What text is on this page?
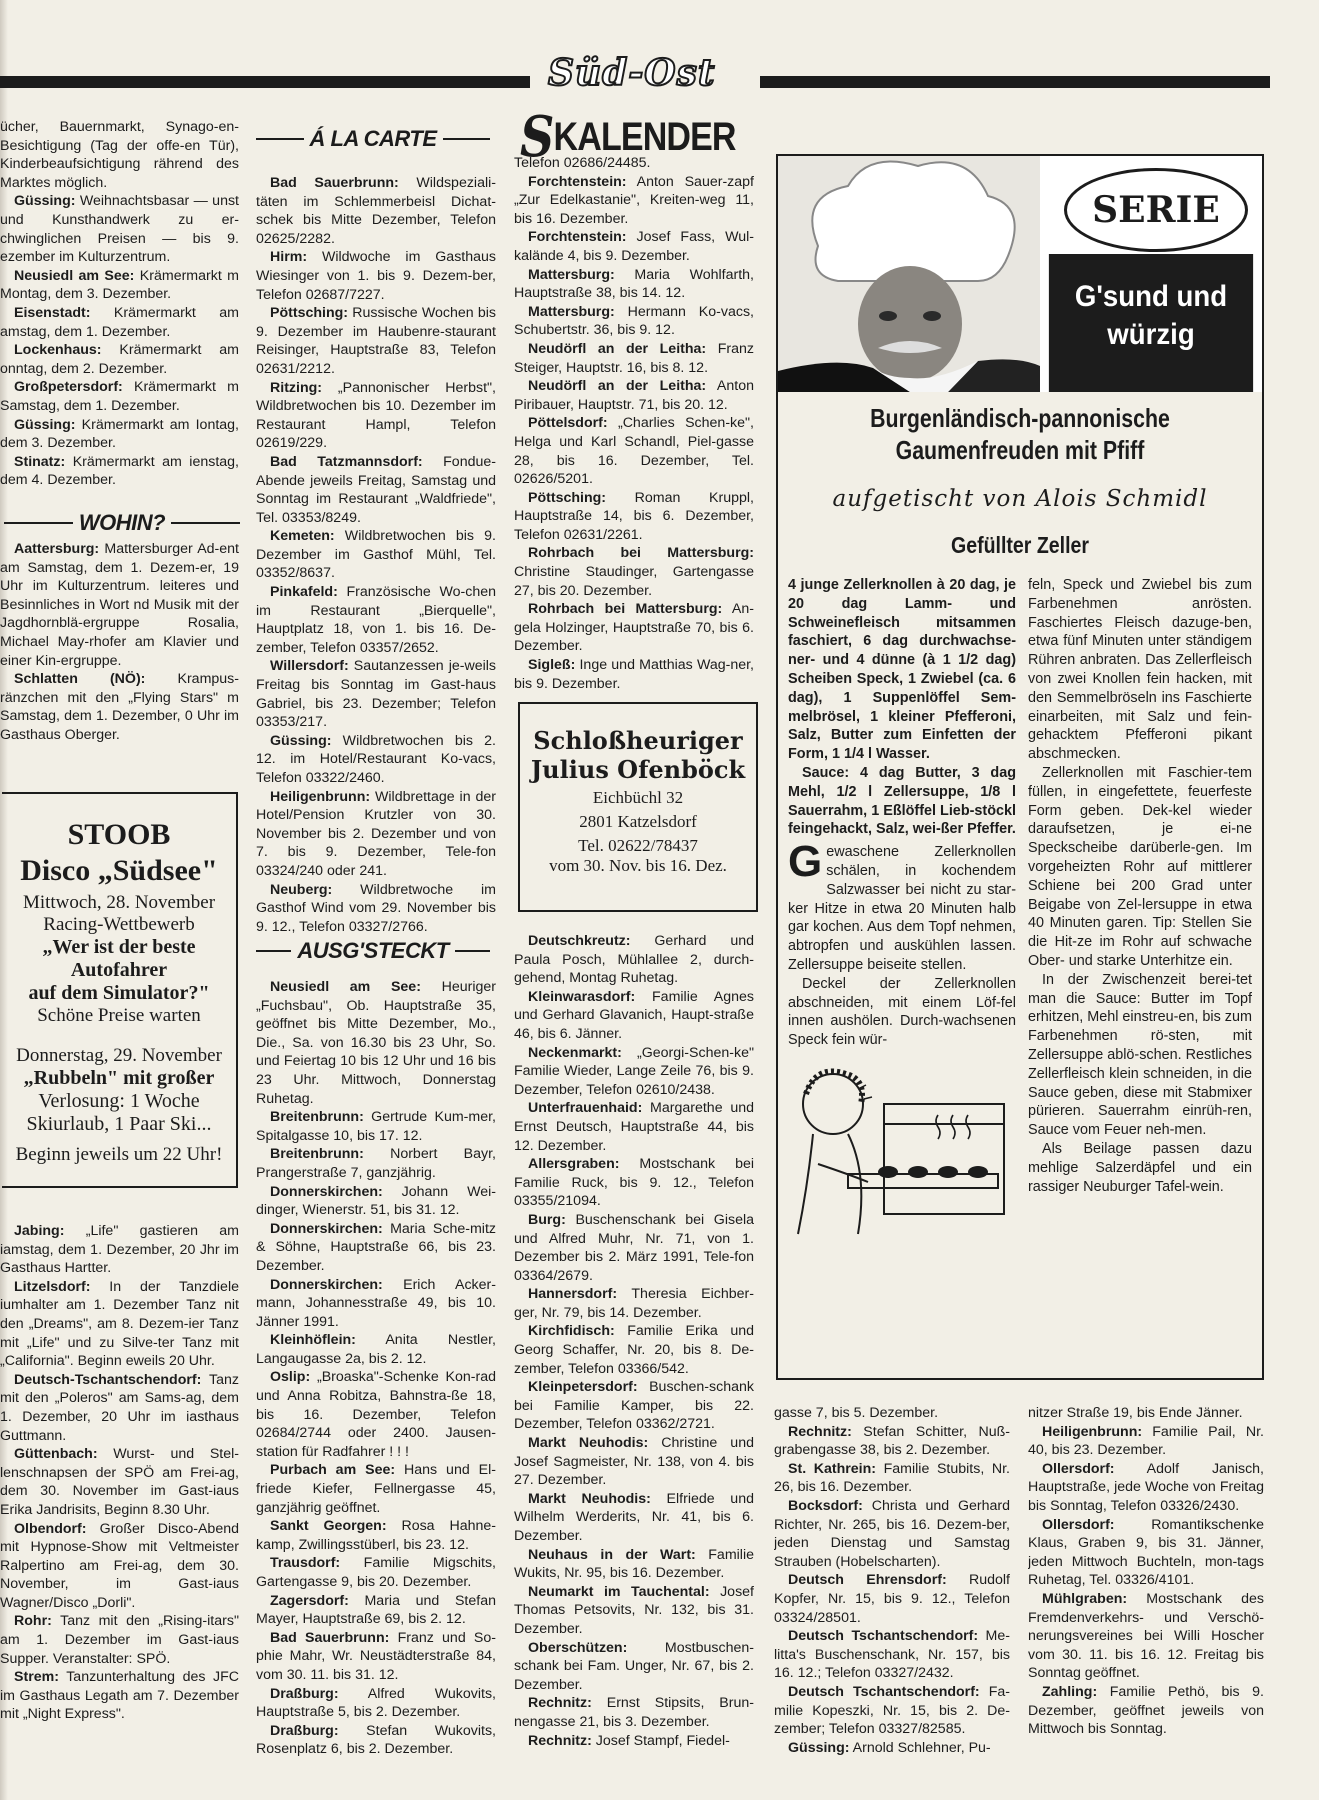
Süd-Ost
SKALENDER

ücher, Bauernmarkt, Synago-en-Besichtigung (Tag der offe-en Tür), Kinderbeaufsichtigung rährend des Marktes möglich.

Güssing: Weihnachtsbasar — unst und Kunsthandwerk zu er-chwinglichen Preisen — bis 9. ezember im Kulturzentrum.

Neusiedl am See: Krämermarkt m Montag, dem 3. Dezember.

Eisenstadt: Krämermarkt am amstag, dem 1. Dezember.

Lockenhaus: Krämermarkt am onntag, dem 2. Dezember.

Großpetersdorf: Krämermarkt m Samstag, dem 1. Dezember.

Güssing: Krämermarkt am Iontag, dem 3. Dezember.

Stinatz: Krämermarkt am ienstag, dem 4. Dezember.

WOHIN?

Aattersburg: Mattersburger Ad-ent am Samstag, dem 1. Dezem-er, 19 Uhr im Kulturzentrum. leiteres und Besinnliches in Wort nd Musik mit der Jagdhornblä-ergruppe Rosalia, Michael May-rhofer am Klavier und einer Kin-ergruppe.

Schlatten (NÖ): Krampus-ränzchen mit den „Flying Stars" m Samstag, dem 1. Dezember, 0 Uhr im Gasthaus Oberger.

STOOB
Disco „Südsee"
Mittwoch, 28. November
Racing-Wettbewerb
„Wer ist der beste
Autofahrer
auf dem Simulator?"
Schöne Preise warten
Donnerstag, 29. November
„Rubbeln" mit großer
Verlosung: 1 Woche
Skiurlaub, 1 Paar Ski...
Beginn jeweils um 22 Uhr!

Jabing: „Life" gastieren am iamstag, dem 1. Dezember, 20 Jhr im Gasthaus Hartter.

Litzelsdorf: In der Tanzdiele iumhalter am 1. Dezember Tanz nit den „Dreams", am 8. Dezem-ier Tanz mit „Life" und zu Silve-ter Tanz mit „California". Beginn eweils 20 Uhr.

Deutsch-Tschantschendorf: Tanz mit den „Poleros" am Sams-ag, dem 1. Dezember, 20 Uhr im iasthaus Guttmann.

Güttenbach: Wurst- und Stel-lenschnapsen der SPÖ am Frei-ag, dem 30. November im Gast-iaus Erika Jandrisits, Beginn 8.30 Uhr.

Olbendorf: Großer Disco-Abend mit Hypnose-Show mit Veltmeister Ralpertino am Frei-ag, dem 30. November, im Gast-iaus Wagner/Disco „Dorli".

Rohr: Tanz mit den „Rising-itars" am 1. Dezember im Gast-iaus Supper. Veranstalter: SPÖ.

Strem: Tanzunterhaltung des JFC im Gasthaus Legath am 7. Dezember mit „Night Express".

Á LA CARTE

Bad Sauerbrunn: Wildspeziali-täten im Schlemmerbeisl Dichat-schek bis Mitte Dezember, Telefon 02625/2282.

Hirm: Wildwoche im Gasthaus Wiesinger von 1. bis 9. Dezem-ber, Telefon 02687/7227.

Pöttsching: Russische Wochen bis 9. Dezember im Haubenre-staurant Reisinger, Hauptstraße 83, Telefon 02631/2212.

Ritzing: „Pannonischer Herbst", Wildbretwochen bis 10. Dezember im Restaurant Hampl, Telefon 02619/229.

Bad Tatzmannsdorf: Fondue-Abende jeweils Freitag, Samstag und Sonntag im Restaurant „Waldfriede", Tel. 03353/8249.

Kemeten: Wildbretwochen bis 9. Dezember im Gasthof Mühl, Tel. 03352/8637.

Pinkafeld: Französische Wo-chen im Restaurant „Bierquelle", Hauptplatz 18, von 1. bis 16. De-zember, Telefon 03357/2652.

Willersdorf: Sautanzessen je-weils Freitag bis Sonntag im Gast-haus Gabriel, bis 23. Dezember; Telefon 03353/217.

Güssing: Wildbretwochen bis 2. 12. im Hotel/Restaurant Ko-vacs, Telefon 03322/2460.

Heiligenbrunn: Wildbrettage in der Hotel/Pension Krutzler von 30. November bis 2. Dezember und von 7. bis 9. Dezember, Tele-fon 03324/240 oder 241.

Neuberg: Wildbretwoche im Gasthof Wind vom 29. November bis 9. 12., Telefon 03327/2766.

AUSG'STECKT

Neusiedl am See: Heuriger „Fuchsbau", Ob. Hauptstraße 35, geöffnet bis Mitte Dezember, Mo., Die., Sa. von 16.30 bis 23 Uhr, So. und Feiertag 10 bis 12 Uhr und 16 bis 23 Uhr. Mittwoch, Donnerstag Ruhetag.

Breitenbrunn: Gertrude Kum-mer, Spitalgasse 10, bis 17. 12.

Breitenbrunn: Norbert Bayr, Prangerstraße 7, ganzjährig.

Donnerskirchen: Johann Wei-dinger, Wienerstr. 51, bis 31. 12.

Donnerskirchen: Maria Sche-mitz & Söhne, Hauptstraße 66, bis 23. Dezember.

Donnerskirchen: Erich Acker-mann, Johannesstraße 49, bis 10. Jänner 1991.

Kleinhöflein: Anita Nestler, Langaugasse 2a, bis 2. 12.

Oslip: „Broaska"-Schenke Kon-rad und Anna Robitza, Bahnstra-ße 18, bis 16. Dezember, Telefon 02684/2744 oder 2400. Jausen-station für Radfahrer ! ! !

Purbach am See: Hans und El-friede Kiefer, Fellnergasse 45, ganzjährig geöffnet.

Sankt Georgen: Rosa Hahne-kamp, Zwillingsstüberl, bis 23. 12.

Trausdorf: Familie Migschits, Gartengasse 9, bis 20. Dezember.

Zagersdorf: Maria und Stefan Mayer, Hauptstraße 69, bis 2. 12.

Bad Sauerbrunn: Franz und So-phie Mahr, Wr. Neustädterstraße 84, vom 30. 11. bis 31. 12.

Draßburg: Alfred Wukovits, Hauptstraße 5, bis 2. Dezember.

Draßburg: Stefan Wukovits, Rosenplatz 6, bis 2. Dezember.

Telefon 02686/24485.

Forchtenstein: Anton Sauer-zapf „Zur Edelkastanie", Kreiten-weg 11, bis 16. Dezember.

Forchtenstein: Josef Fass, Wul-kalände 4, bis 9. Dezember.

Mattersburg: Maria Wohlfarth, Hauptstraße 38, bis 14. 12.

Mattersburg: Hermann Ko-vacs, Schubertstr. 36, bis 9. 12.

Neudörfl an der Leitha: Franz Steiger, Hauptstr. 16, bis 8. 12.

Neudörfl an der Leitha: Anton Piribauer, Hauptstr. 71, bis 20. 12.

Pöttelsdorf: „Charlies Schen-ke", Helga und Karl Schandl, Piel-gasse 28, bis 16. Dezember, Tel. 02626/5201.

Pöttsching: Roman Kruppl, Hauptstraße 14, bis 6. Dezember, Telefon 02631/2261.

Rohrbach bei Mattersburg: Christine Staudinger, Gartengasse 27, bis 20. Dezember.

Rohrbach bei Mattersburg: An-gela Holzinger, Hauptstraße 70, bis 6. Dezember.

Sigleß: Inge und Matthias Wag-ner, bis 9. Dezember.

Schloßheuriger
Julius Ofenböck
Eichbüchl 32
2801 Katzelsdorf
Tel. 02622/78437
vom 30. Nov. bis 16. Dez.

Deutschkreutz: Gerhard und Paula Posch, Mühlallee 2, durch-gehend, Montag Ruhetag.

Kleinwarasdorf: Familie Agnes und Gerhard Glavanich, Haupt-straße 46, bis 6. Jänner.

Neckenmarkt: „Georgi-Schen-ke" Familie Wieder, Lange Zeile 76, bis 9. Dezember, Telefon 02610/2438.

Unterfrauenhaid: Margarethe und Ernst Deutsch, Hauptstraße 44, bis 12. Dezember.

Allersgraben: Mostschank bei Familie Ruck, bis 9. 12., Telefon 03355/21094.

Burg: Buschenschank bei Gisela und Alfred Muhr, Nr. 71, von 1. Dezember bis 2. März 1991, Tele-fon 03364/2679.

Hannersdorf: Theresia Eichber-ger, Nr. 79, bis 14. Dezember.

Kirchfidisch: Familie Erika und Georg Schaffer, Nr. 20, bis 8. De-zember, Telefon 03366/542.

Kleinpetersdorf: Buschen-schank bei Familie Kamper, bis 22. Dezember, Telefon 03362/2721.

Markt Neuhodis: Christine und Josef Sagmeister, Nr. 138, von 4. bis 27. Dezember.

Markt Neuhodis: Elfriede und Wilhelm Werderits, Nr. 41, bis 6. Dezember.

Neuhaus in der Wart: Familie Wukits, Nr. 95, bis 16. Dezember.

Neumarkt im Tauchental: Josef Thomas Petsovits, Nr. 132, bis 31. Dezember.

Oberschützen: Mostbuschen-schank bei Fam. Unger, Nr. 67, bis 2. Dezember.

Rechnitz: Ernst Stipsits, Brun-nengasse 21, bis 3. Dezember.

Rechnitz: Josef Stampf, Fiedel-

SERIE
G'sund und
würzig
Burgenländisch-pannonische
Gaumenfreuden mit Pfiff
aufgetischt von Alois Schmidl
Gefüllter Zeller

4 junge Zellerknollen à 20 dag, je 20 dag Lamm- und Schweinefleisch mitsammen faschiert, 6 dag durchwachse-ner- und 4 dünne (à 1 1/2 dag) Scheiben Speck, 1 Zwiebel (ca. 6 dag), 1 Suppenlöffel Sem-melbrösel, 1 kleiner Pfefferoni, Salz, Butter zum Einfetten der Form, 1 1/4 l Wasser.

Sauce: 4 dag Butter, 3 dag Mehl, 1/2 l Zellersuppe, 1/8 l Sauerrahm, 1 Eßlöffel Lieb-stöckl feingehackt, Salz, wei-ßer Pfeffer.

Gewaschene Zellerknollen schälen, in kochendem Salzwasser bei nicht zu star-ker Hitze in etwa 20 Minuten halb gar kochen. Aus dem Topf nehmen, abtropfen und auskühlen lassen. Zellersuppe beiseite stellen.

Deckel der Zellerknollen abschneiden, mit einem Löf-fel innen aushölen. Durch-wachsenen Speck fein wür-

feln, Speck und Zwiebel bis zum Farbenehmen anrösten. Faschiertes Fleisch dazuge-ben, etwa fünf Minuten unter ständigem Rühren anbraten. Das Zellerfleisch von zwei Knollen fein hacken, mit den Semmelbröseln ins Faschierte einarbeiten, mit Salz und fein-gehacktem Pfefferoni pikant abschmecken.

Zellerknollen mit Faschier-tem füllen, in eingefettete, feuerfeste Form geben. Dek-kel wieder daraufsetzen, je ei-ne Speckscheibe darüberle-gen. Im vorgeheizten Rohr auf mittlerer Schiene bei 200 Grad unter Beigabe von Zel-lersuppe in etwa 40 Minuten garen. Tip: Stellen Sie die Hit-ze im Rohr auf schwache Ober- und starke Unterhitze ein.

In der Zwischenzeit berei-tet man die Sauce: Butter im Topf erhitzen, Mehl einstreu-en, bis zum Farbenehmen rö-sten, mit Zellersuppe ablö-schen. Restliches Zellerfleisch klein schneiden, in die Sauce geben, diese mit Stabmixer pürieren. Sauerrahm einrüh-ren, Sauce vom Feuer neh-men.

Als Beilage passen dazu mehlige Salzerdäpfel und ein rassiger Neuburger Tafel-wein.

gasse 7, bis 5. Dezember.

Rechnitz: Stefan Schitter, Nuß-grabengasse 38, bis 2. Dezember.

St. Kathrein: Familie Stubits, Nr. 26, bis 16. Dezember.

Bocksdorf: Christa und Gerhard Richter, Nr. 265, bis 16. Dezem-ber, jeden Dienstag und Samstag Strauben (Hobelscharten).

Deutsch Ehrensdorf: Rudolf Kopfer, Nr. 15, bis 9. 12., Telefon 03324/28501.

Deutsch Tschantschendorf: Me-litta's Buschenschank, Nr. 157, bis 16. 12.; Telefon 03327/2432.

Deutsch Tschantschendorf: Fa-milie Kopeszki, Nr. 15, bis 2. De-zember; Telefon 03327/82585.

Güssing: Arnold Schlehner, Pu-

nitzer Straße 19, bis Ende Jänner.

Heiligenbrunn: Familie Pail, Nr. 40, bis 23. Dezember.

Ollersdorf: Adolf Janisch, Hauptstraße, jede Woche von Freitag bis Sonntag, Telefon 03326/2430.

Ollersdorf: Romantikschenke Klaus, Graben 9, bis 31. Jänner, jeden Mittwoch Buchteln, mon-tags Ruhetag, Tel. 03326/4101.

Mühlgraben: Mostschank des Fremdenverkehrs- und Verschö-nerungsvereines bei Willi Hoscher vom 30. 11. bis 16. 12. Freitag bis Sonntag geöffnet.

Zahling: Familie Pethö, bis 9. Dezember, geöffnet jeweils von Mittwoch bis Sonntag.
